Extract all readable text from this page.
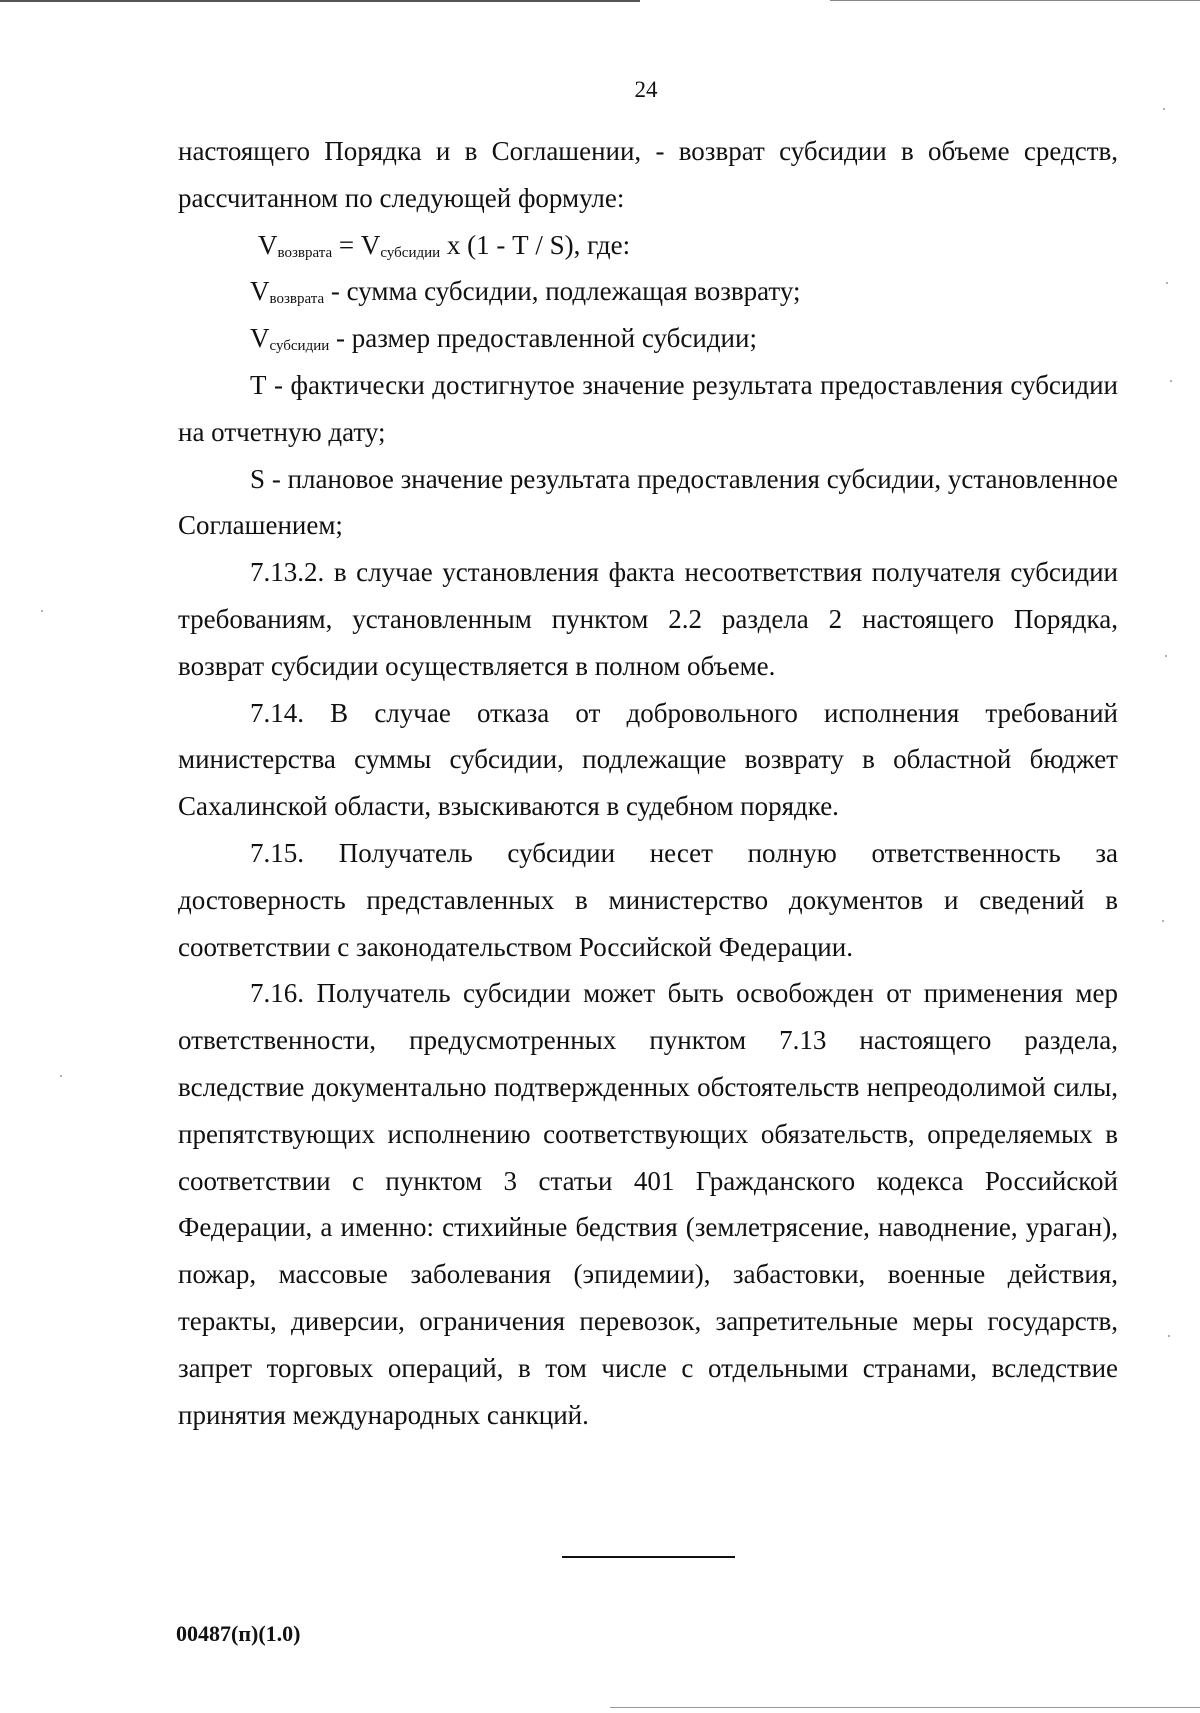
24

настоящего Порядка и в Соглашении, - возврат субсидии в объеме средств, рассчитанном по следующей формуле:

$V_{возврата} = V_{субсидии}$ х (1 - Т / S), где:

$V_{возврата}$ - сумма субсидии, подлежащая возврату;

$V_{субсидии}$ - размер предоставленной субсидии;

Т - фактически достигнутое значение результата предоставления субсидии на отчетную дату;

S - плановое значение результата предоставления субсидии, установленное Соглашением;

7.13.2. в случае установления факта несоответствия получателя субсидии требованиям, установленным пунктом 2.2 раздела 2 настоящего Порядка, возврат субсидии осуществляется в полном объеме.

7.14. В случае отказа от добровольного исполнения требований министерства суммы субсидии, подлежащие возврату в областной бюджет Сахалинской области, взыскиваются в судебном порядке.

7.15. Получатель субсидии несет полную ответственность за достоверность представленных в министерство документов и сведений в соответствии с законодательством Российской Федерации.

7.16. Получатель субсидии может быть освобожден от применения мер ответственности, предусмотренных пунктом 7.13 настоящего раздела, вследствие документально подтвержденных обстоятельств непреодолимой силы, препятствующих исполнению соответствующих обязательств, определяемых в соответствии с пунктом 3 статьи 401 Гражданского кодекса Российской Федерации, а именно: стихийные бедствия (землетрясение, наводнение, ураган), пожар, массовые заболевания (эпидемии), забастовки, военные действия, теракты, диверсии, ограничения перевозок, запретительные меры государств, запрет торговых операций, в том числе с отдельными странами, вследствие принятия международных санкций.

00487(п)(1.0)
